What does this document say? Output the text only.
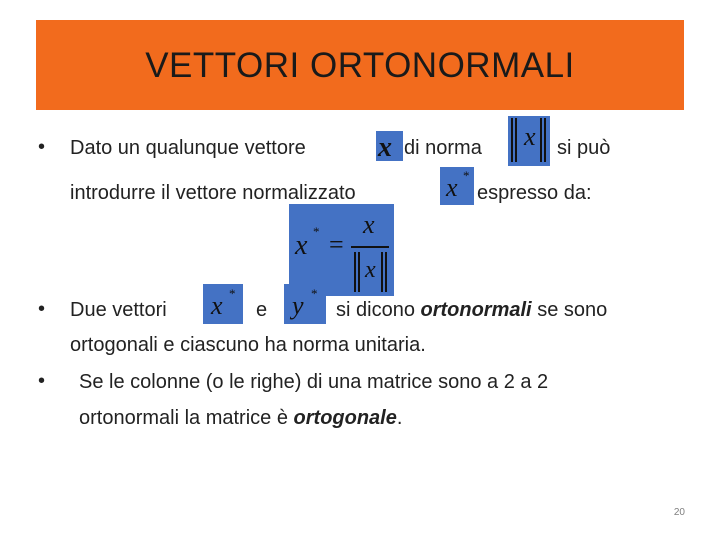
VETTORI ORTONORMALI
• Dato un qualunque vettore	x di norma x si può
introdurre il vettore normalizzato	x *
espresso da:
x * =
x
x
• Due vettori x *
e y *
si dicono ortonormali se sono
ortogonali e ciascuno ha norma unitaria.
• Se le colonne (o le righe) di una matrice sono a 2 a 2
ortonormali la matrice è ortogonale.
20
